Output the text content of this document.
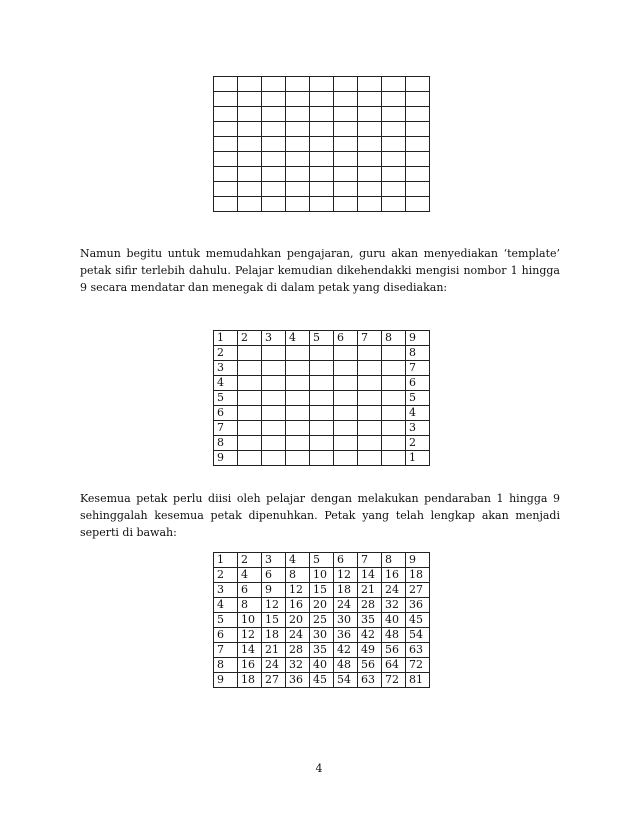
Namun begitu untuk memudahkan pengajaran, guru akan menyediakan ‘template’ petak sifir terlebih dahulu. Pelajar kemudian dikehendakki mengisi nombor 1 hingga 9 secara mendatar dan menegak di dalam petak yang disediakan:

1	2	3	4	5	6	7	8	9
2								8
3								7
4								6
5								5
6								4
7								3
8								2
9								1

Kesemua petak perlu diisi oleh pelajar dengan melakukan pendaraban 1 hingga 9 sehinggalah kesemua petak dipenuhkan. Petak yang telah lengkap akan menjadi seperti di bawah:

1	2	3	4	5	6	7	8	9
2	4	6	8	10	12	14	16	18
3	6	9	12	15	18	21	24	27
4	8	12	16	20	24	28	32	36
5	10	15	20	25	30	35	40	45
6	12	18	24	30	36	42	48	54
7	14	21	28	35	42	49	56	63
8	16	24	32	40	48	56	64	72
9	18	27	36	45	54	63	72	81
4
